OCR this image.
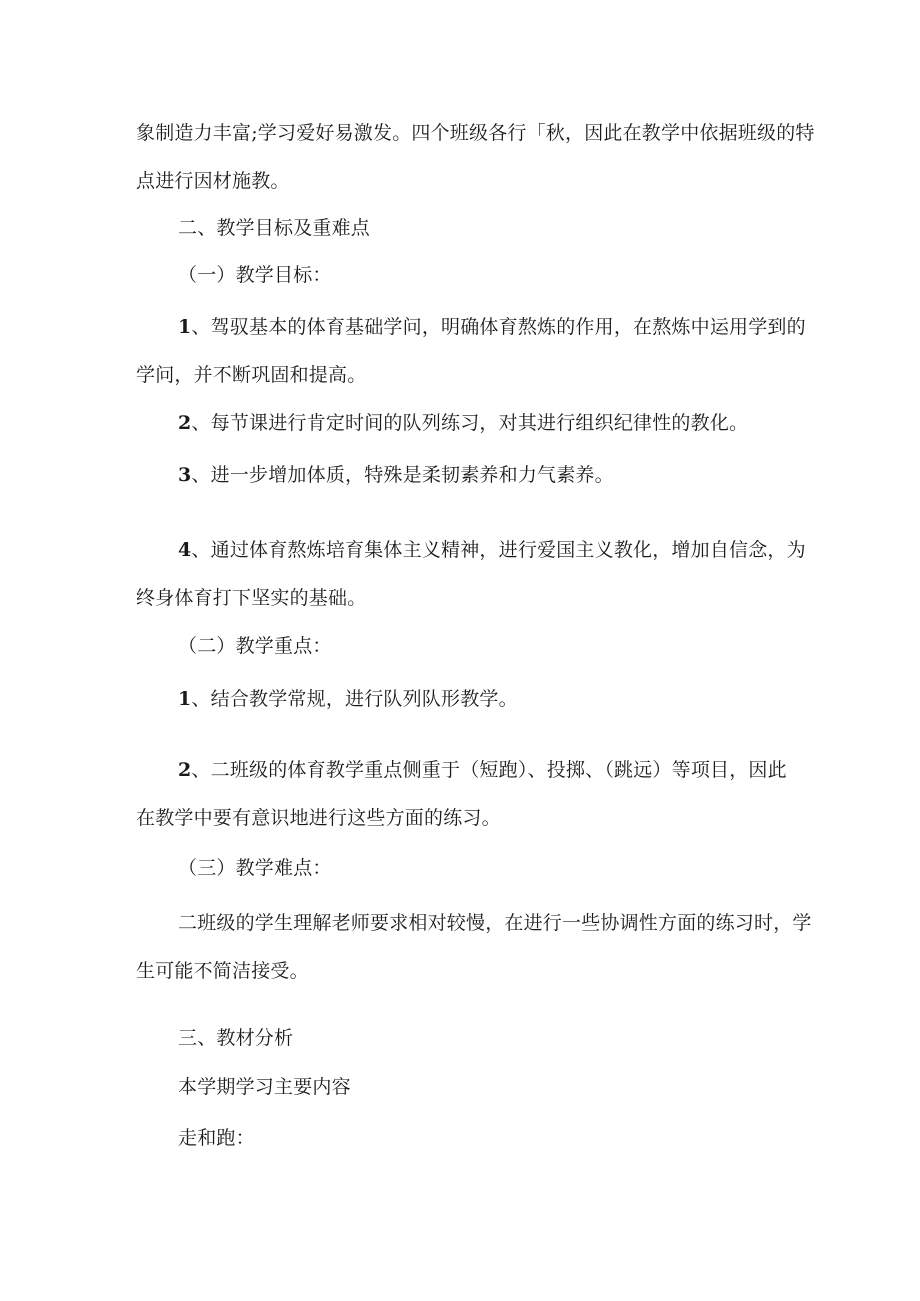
象制造力丰富;学习爱好易激发。四个班级各行「秋，因此在教学中依据班级的特
点进行因材施教。
二、教学目标及重难点
（一）教学目标：
1、驾驭基本的体育基础学问，明确体育熬炼的作用，在熬炼中运用学到的
学问，并不断巩固和提高。
2、每节课进行肯定时间的队列练习，对其进行组织纪律性的教化。
3、进一步增加体质，特殊是柔韧素养和力气素养。
4、通过体育熬炼培育集体主义精神，进行爱国主义教化，增加自信念，为
终身体育打下坚实的基础。
（二）教学重点：
1、结合教学常规，进行队列队形教学。
2、二班级的体育教学重点侧重于（短跑）、投掷、（跳远）等项目，因此
在教学中要有意识地进行这些方面的练习。
（三）教学难点：
二班级的学生理解老师要求相对较慢，在进行一些协调性方面的练习时，学
生可能不简洁接受。
三、教材分析
本学期学习主要内容
走和跑：
